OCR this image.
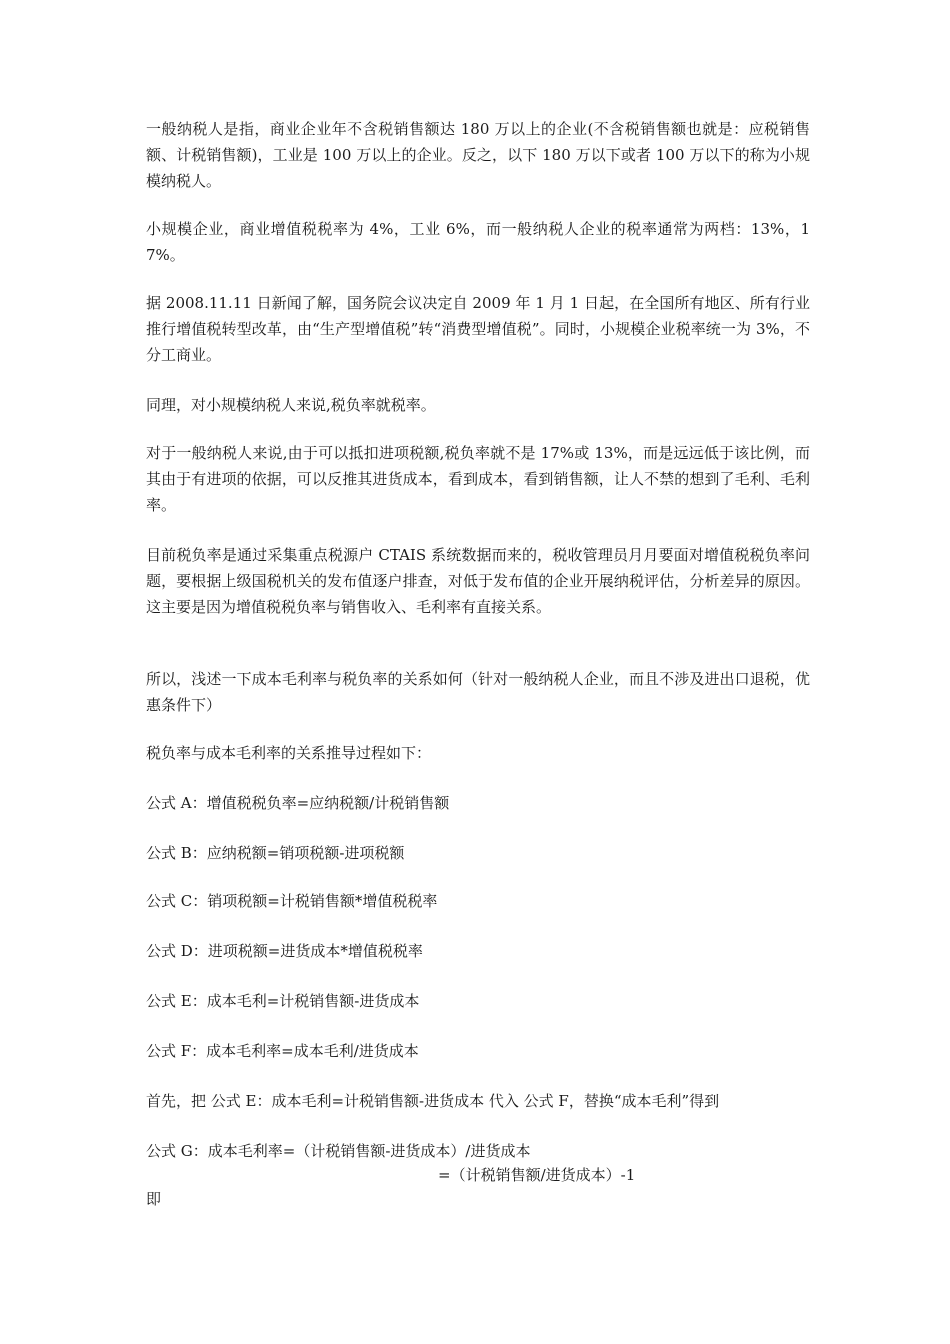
一般纳税人是指，商业企业年不含税销售额达 180 万以上的企业(不含税销售额也就是：应税销售额、计税销售额)，工业是 100 万以上的企业。反之，以下 180 万以下或者 100 万以下的称为小规模纳税人。

小规模企业，商业增值税税率为 4%，工业 6%，而一般纳税人企业的税率通常为两档：13%，17%。

据 2008.11.11 日新闻了解，国务院会议决定自 2009 年 1 月 1 日起，在全国所有地区、所有行业推行增值税转型改革，由“生产型增值税”转“消费型增值税”。同时，小规模企业税率统一为 3%，不分工商业。

同理，对小规模纳税人来说,税负率就税率。

对于一般纳税人来说,由于可以抵扣进项税额,税负率就不是 17%或 13%，而是远远低于该比例，而其由于有进项的依据，可以反推其进货成本，看到成本，看到销售额，让人不禁的想到了毛利、毛利率。

目前税负率是通过采集重点税源户 CTAIS 系统数据而来的，税收管理员月月要面对增值税税负率问题，要根据上级国税机关的发布值逐户排查，对低于发布值的企业开展纳税评估，分析差异的原因。这主要是因为增值税税负率与销售收入、毛利率有直接关系。

所以，浅述一下成本毛利率与税负率的关系如何（针对一般纳税人企业，而且不涉及进出口退税，优惠条件下）

税负率与成本毛利率的关系推导过程如下：

公式 A：增值税税负率=应纳税额/计税销售额

公式 B：应纳税额=销项税额-进项税额

公式 C：销项税额=计税销售额*增值税税率

公式 D：进项税额=进货成本*增值税税率

公式 E：成本毛利=计税销售额-进货成本

公式 F：成本毛利率=成本毛利/进货成本

首先，把 公式 E：成本毛利=计税销售额-进货成本 代入 公式 F，替换“成本毛利”得到

公式 G：成本毛利率=（计税销售额-进货成本）/进货成本

=（计税销售额/进货成本）-1

即
